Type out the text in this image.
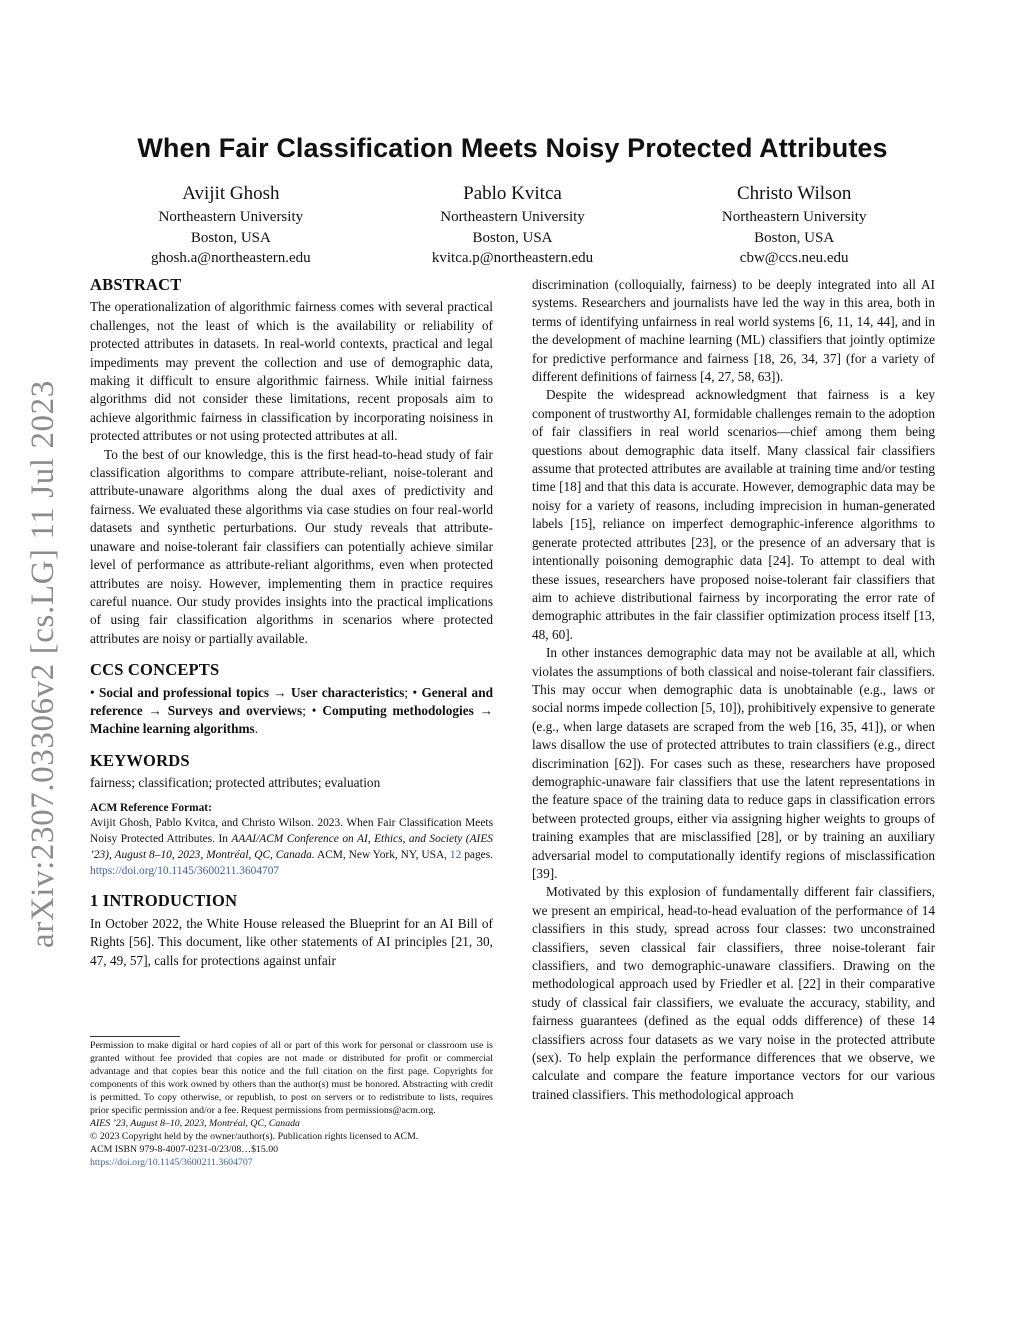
arXiv:2307.03306v2 [cs.LG] 11 Jul 2023
When Fair Classification Meets Noisy Protected Attributes
Avijit Ghosh
Northeastern University
Boston, USA
ghosh.a@northeastern.edu
Pablo Kvitca
Northeastern University
Boston, USA
kvitca.p@northeastern.edu
Christo Wilson
Northeastern University
Boston, USA
cbw@ccs.neu.edu
ABSTRACT

The operationalization of algorithmic fairness comes with several practical challenges, not the least of which is the availability or reliability of protected attributes in datasets. In real-world contexts, practical and legal impediments may prevent the collection and use of demographic data, making it difficult to ensure algorithmic fairness. While initial fairness algorithms did not consider these limitations, recent proposals aim to achieve algorithmic fairness in classification by incorporating noisiness in protected attributes or not using protected attributes at all.

To the best of our knowledge, this is the first head-to-head study of fair classification algorithms to compare attribute-reliant, noise-tolerant and attribute-unaware algorithms along the dual axes of predictivity and fairness. We evaluated these algorithms via case studies on four real-world datasets and synthetic perturbations. Our study reveals that attribute-unaware and noise-tolerant fair classifiers can potentially achieve similar level of performance as attribute-reliant algorithms, even when protected attributes are noisy. However, implementing them in practice requires careful nuance. Our study provides insights into the practical implications of using fair classification algorithms in scenarios where protected attributes are noisy or partially available.

CCS CONCEPTS

• Social and professional topics → User characteristics; • General and reference → Surveys and overviews; • Computing methodologies → Machine learning algorithms.

KEYWORDS

fairness; classification; protected attributes; evaluation

ACM Reference Format:

Avijit Ghosh, Pablo Kvitca, and Christo Wilson. 2023. When Fair Classification Meets Noisy Protected Attributes. In AAAI/ACM Conference on AI, Ethics, and Society (AIES ’23), August 8–10, 2023, Montréal, QC, Canada. ACM, New York, NY, USA, 12 pages. https://doi.org/10.1145/3600211.3604707

1 INTRODUCTION

In October 2022, the White House released the Blueprint for an AI Bill of Rights [56]. This document, like other statements of AI principles [21, 30, 47, 49, 57], calls for protections against unfair

Permission to make digital or hard copies of all or part of this work for personal or classroom use is granted without fee provided that copies are not made or distributed for profit or commercial advantage and that copies bear this notice and the full citation on the first page. Copyrights for components of this work owned by others than the author(s) must be honored. Abstracting with credit is permitted. To copy otherwise, or republish, to post on servers or to redistribute to lists, requires prior specific permission and/or a fee. Request permissions from permissions@acm.org.

AIES ’23, August 8–10, 2023, Montréal, QC, Canada

© 2023 Copyright held by the owner/author(s). Publication rights licensed to ACM.

ACM ISBN 979-8-4007-0231-0/23/08…$15.00

https://doi.org/10.1145/3600211.3604707

discrimination (colloquially, fairness) to be deeply integrated into all AI systems. Researchers and journalists have led the way in this area, both in terms of identifying unfairness in real world systems [6, 11, 14, 44], and in the development of machine learning (ML) classifiers that jointly optimize for predictive performance and fairness [18, 26, 34, 37] (for a variety of different definitions of fairness [4, 27, 58, 63]).

Despite the widespread acknowledgment that fairness is a key component of trustworthy AI, formidable challenges remain to the adoption of fair classifiers in real world scenarios—chief among them being questions about demographic data itself. Many classical fair classifiers assume that protected attributes are available at training time and/or testing time [18] and that this data is accurate. However, demographic data may be noisy for a variety of reasons, including imprecision in human-generated labels [15], reliance on imperfect demographic-inference algorithms to generate protected attributes [23], or the presence of an adversary that is intentionally poisoning demographic data [24]. To attempt to deal with these issues, researchers have proposed noise-tolerant fair classifiers that aim to achieve distributional fairness by incorporating the error rate of demographic attributes in the fair classifier optimization process itself [13, 48, 60].

In other instances demographic data may not be available at all, which violates the assumptions of both classical and noise-tolerant fair classifiers. This may occur when demographic data is unobtainable (e.g., laws or social norms impede collection [5, 10]), prohibitively expensive to generate (e.g., when large datasets are scraped from the web [16, 35, 41]), or when laws disallow the use of protected attributes to train classifiers (e.g., direct discrimination [62]). For cases such as these, researchers have proposed demographic-unaware fair classifiers that use the latent representations in the feature space of the training data to reduce gaps in classification errors between protected groups, either via assigning higher weights to groups of training examples that are misclassified [28], or by training an auxiliary adversarial model to computationally identify regions of misclassification [39].

Motivated by this explosion of fundamentally different fair classifiers, we present an empirical, head-to-head evaluation of the performance of 14 classifiers in this study, spread across four classes: two unconstrained classifiers, seven classical fair classifiers, three noise-tolerant fair classifiers, and two demographic-unaware classifiers. Drawing on the methodological approach used by Friedler et al. [22] in their comparative study of classical fair classifiers, we evaluate the accuracy, stability, and fairness guarantees (defined as the equal odds difference) of these 14 classifiers across four datasets as we vary noise in the protected attribute (sex). To help explain the performance differences that we observe, we calculate and compare the feature importance vectors for our various trained classifiers. This methodological approach
